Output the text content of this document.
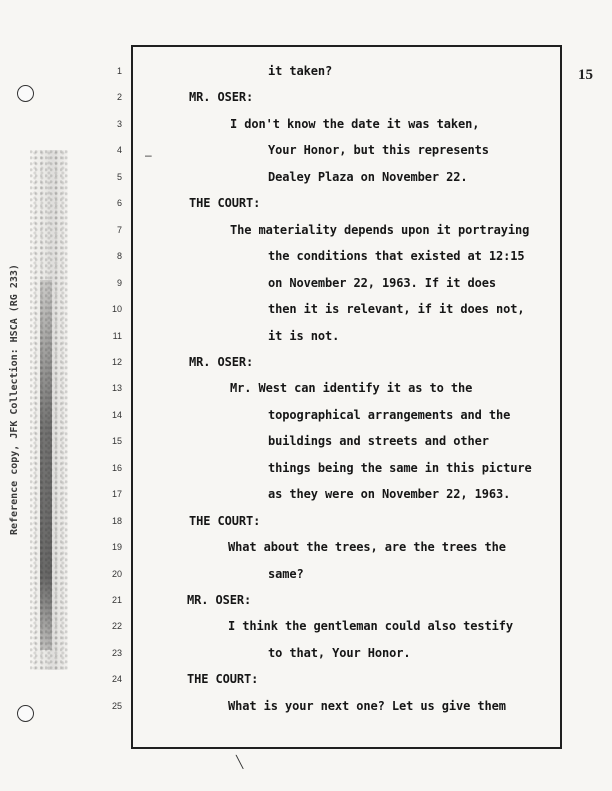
Reference copy, JFK Collection: HSCA (RG 233)
15
1
2
3
4
5
6
7
8
9
10
11
12
13
14
15
16
17
18
19
20
21
22
23
24
25
it taken?
MR. OSER:
I don't know the date it was taken,
Your Honor, but this represents
Dealey Plaza on November 22.
THE COURT:
The materiality depends upon it portraying
the conditions that existed at 12:15
on November 22, 1963. If it does
then it is relevant, if it does not,
it is not.
MR. OSER:
Mr. West can identify it as to the
topographical arrangements and the
buildings and streets and other
things being the same in this picture
as they were on November 22, 1963.
THE COURT:
What about the trees, are the trees the
same?
MR. OSER:
I think the gentleman could also testify
to that, Your Honor.
THE COURT:
What is your next one? Let us give them
–
╲
